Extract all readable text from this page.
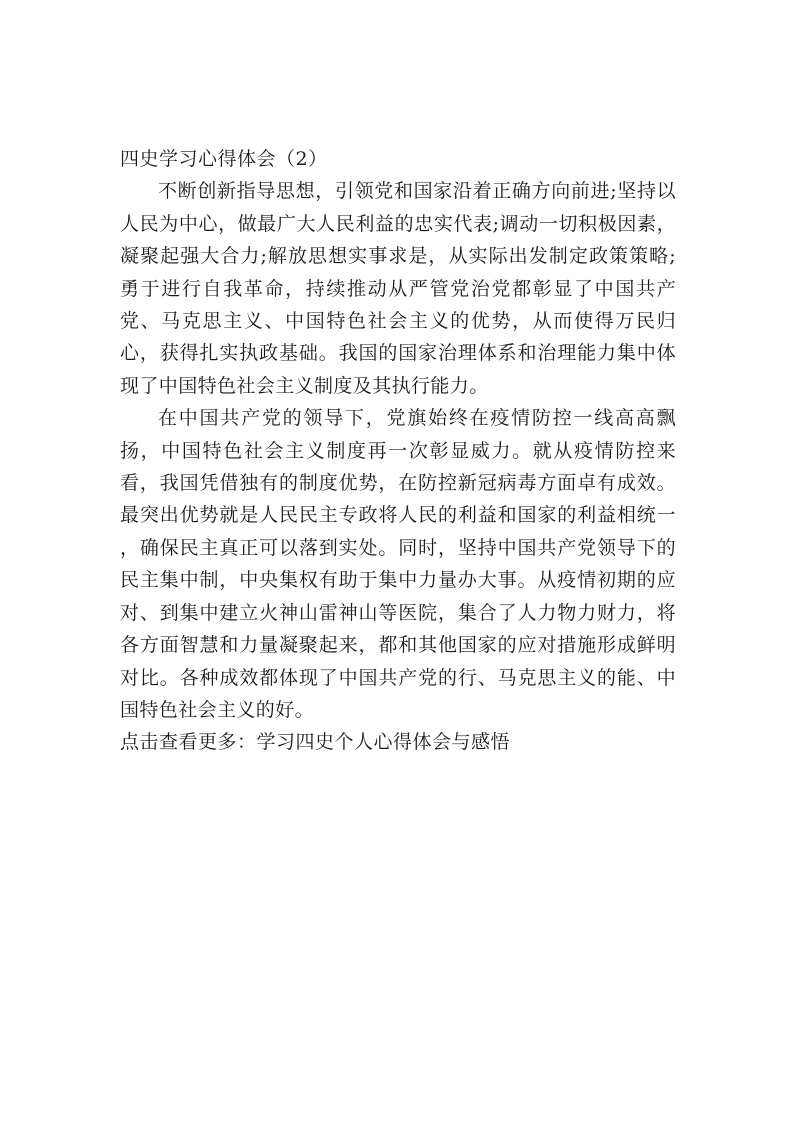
四史学习心得体会（2）

不断创新指导思想，引领党和国家沿着正确方向前进;坚持以人民为中心，做最广大人民利益的忠实代表;调动一切积极因素，凝聚起强大合力;解放思想实事求是，从实际出发制定政策策略;勇于进行自我革命，持续推动从严管党治党都彰显了中国共产党、马克思主义、中国特色社会主义的优势，从而使得万民归心，获得扎实执政基础。我国的国家治理体系和治理能力集中体现了中国特色社会主义制度及其执行能力。

在中国共产党的领导下，党旗始终在疫情防控一线高高飘扬，中国特色社会主义制度再一次彰显威力。就从疫情防控来看，我国凭借独有的制度优势，在防控新冠病毒方面卓有成效。最突出优势就是人民民主专政将人民的利益和国家的利益相统一 ，确保民主真正可以落到实处。同时，坚持中国共产党领导下的民主集中制，中央集权有助于集中力量办大事。从疫情初期的应对、到集中建立火神山雷神山等医院，集合了人力物力财力，将各方面智慧和力量凝聚起来，都和其他国家的应对措施形成鲜明对比。各种成效都体现了中国共产党的行、马克思主义的能、中国特色社会主义的好。

点击查看更多：学习四史个人心得体会与感悟
